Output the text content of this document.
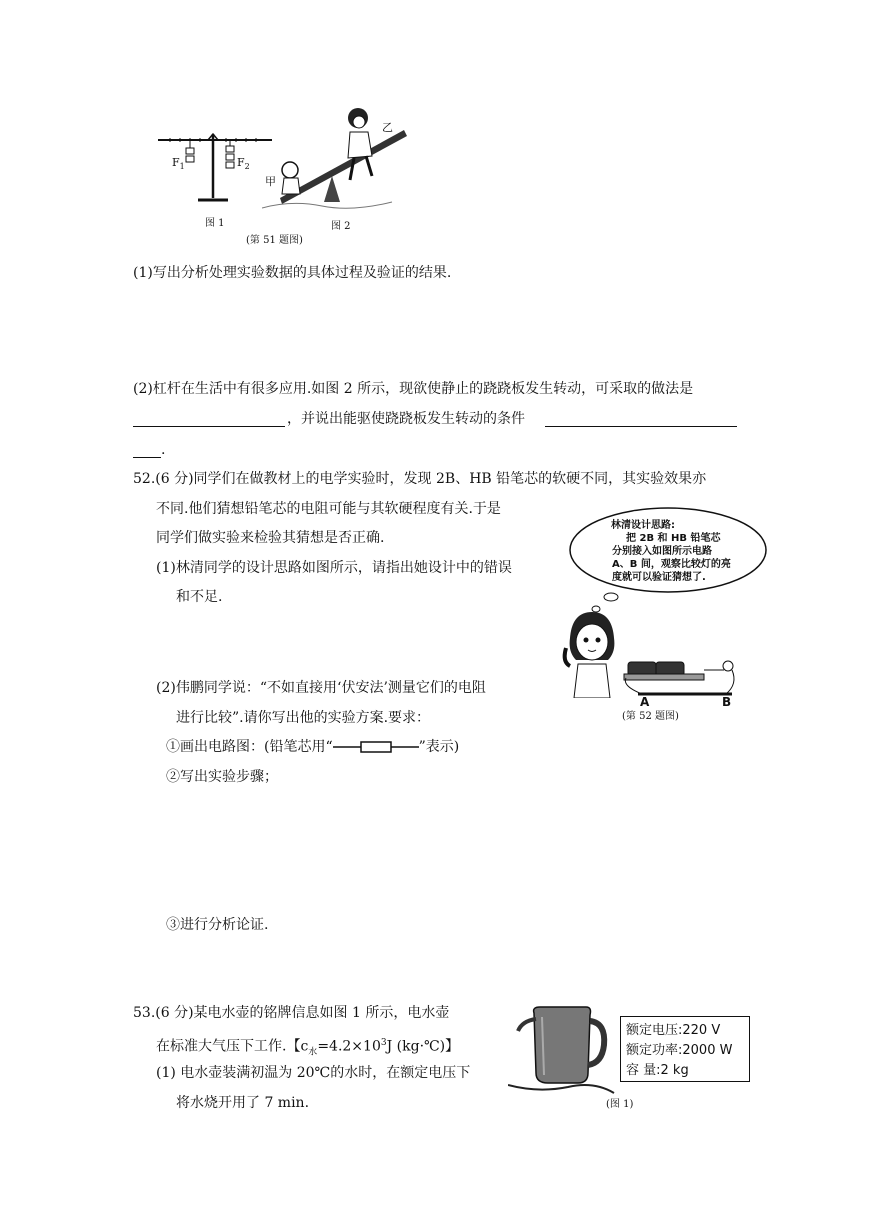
$F_1$	$F_2$
图 1
甲
乙
图 2
(第 51 题图)
(1)写出分析处理实验数据的具体过程及验证的结果.
(2)杠杆在生活中有很多应用.如图 2 所示，现欲使静止的跷跷板发生转动，可采取的做法是
，并说出能驱使跷跷板发生转动的条件
.
52.(6 分)同学们在做教材上的电学实验时，发现 2B、HB 铅笔芯的软硬不同，其实验效果亦
不同.他们猜想铅笔芯的电阻可能与其软硬程度有关.于是
同学们做实验来检验其猜想是否正确.
(1)林清同学的设计思路如图所示，请指出她设计中的错误
和不足.
(2)伟鹏同学说：“不如直接用‘伏安法’测量它们的电阻
进行比较”.请你写出他的实验方案.要求：
①画出电路图：(铅笔芯用“	”表示)
②写出实验步骤；
③进行分析论证.
林清设计思路:
把 2B 和 HB 铅笔芯
分别接入如图所示电路
A、B 间，观察比较灯的亮
度就可以验证猜想了.
A	B
(第 52 题图)
53.(6 分)某电水壶的铭牌信息如图 1 所示，电水壶
在标准大气压下工作.【$c_水=4.2\times 10^3J$ (kg·℃)】
(1) 电水壶装满初温为 20℃的水时，在额定电压下
将水烧开用了 7 min.
额定电压:220 V
额定功率:2000 W
容 量:2 kg
(图 1)
